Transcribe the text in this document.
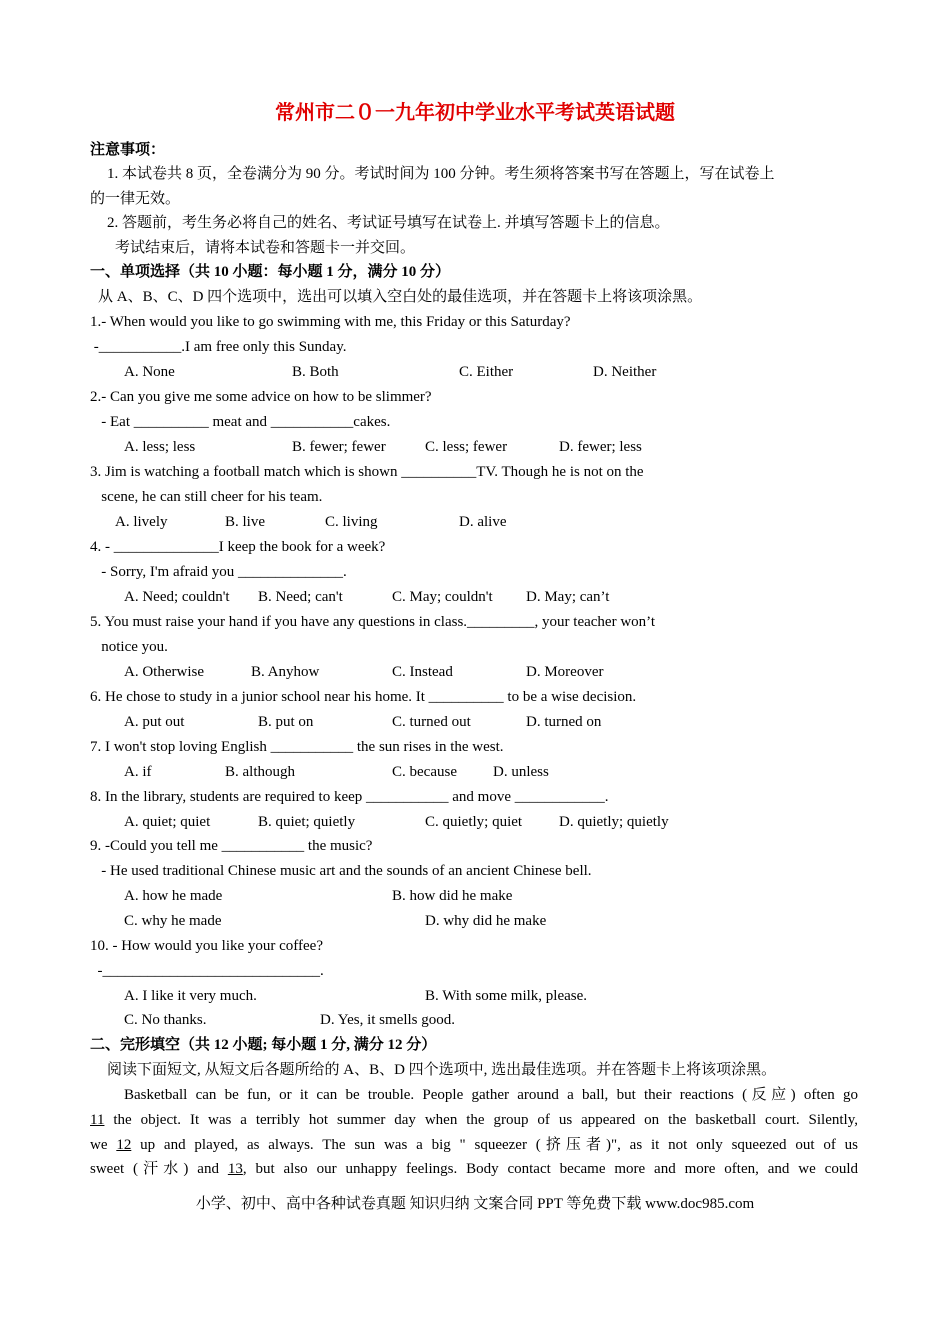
常州市二０一九年初中学业水平考试英语试题
注意事项：
1. 本试卷共 8 页，全卷满分为 90 分。考试时间为 100 分钟。考生须将答案书写在答题上，写在试卷上
的一律无效。
2. 答题前，考生务必将自己的姓名、考试证号填写在试卷上. 并填写答题卡上的信息。
考试结束后，请将本试卷和答题卡一并交回。
一、单项选择（共 10 小题：每小题 1 分，满分 10 分）
从 A、B、C、D 四个选项中，选出可以填入空白处的最佳选项，并在答题卡上将该项涂黑。
1.- When would you like to go swimming with me, this Friday or this Saturday?
-___________.I am free only this Sunday.
A. None	B. Both	C. Either	D. Neither
2.- Can you give me some advice on how to be slimmer?
- Eat __________ meat and ___________cakes.
A. less; less	B. fewer; fewer	C. less; fewer	D. fewer; less
3. Jim is watching a football match which is shown __________TV. Though he is not on the
scene, he can still cheer for his team.
A. lively	B. live	C. living	D. alive
4. - ______________I keep the book for a week?
- Sorry, I'm afraid you ______________.
A. Need; couldn't B. Need; can't	C. May; couldn't D. May; can’t
5. You must raise your hand if you have any questions in class._________, your teacher won’t
notice you.
A. Otherwise	B. Anyhow	C. Instead	D. Moreover
6. He chose to study in a junior school near his home. It __________ to be a wise decision.
A. put out	B. put on	C. turned out	D. turned on
7. I won't stop loving English ___________ the sun rises in the west.
A. if	B. although	C. because D. unless
8. In the library, students are required to keep ___________ and move ____________.
A. quiet; quiet	B. quiet; quietly	C. quietly; quiet D. quietly; quietly
9. -Could you tell me ___________ the music?
- He used traditional Chinese music art and the sounds of an ancient Chinese bell.
A. how he made	B. how did he make
C. why he made	D. why did he make
10. - How would you like your coffee?
-_____________________________.
A. I like it very much.	B. With some milk, please.
C. No thanks.	D. Yes, it smells good.
二、完形填空（共 12 小题; 每小题 1 分, 满分 12 分）
阅读下面短文, 从短文后各题所给的 A、B、D 四个选项中, 选出最佳选项。并在答题卡上将该项涂黑。
Basketball can be fun, or it can be trouble. People gather around a ball, but their reactions (反应) often go
11 the object. It was a terribly hot summer day when the group of us appeared on the basketball court. Silently,
we 12 up and played, as always. The sun was a big " squeezer (挤压者)", as it not only squeezed out of us
sweet (汗水) and 13, but also our unhappy feelings. Body contact became more and more often, and we could
小学、初中、高中各种试卷真题 知识归纳 文案合同 PPT 等免费下载 www.doc985.com
